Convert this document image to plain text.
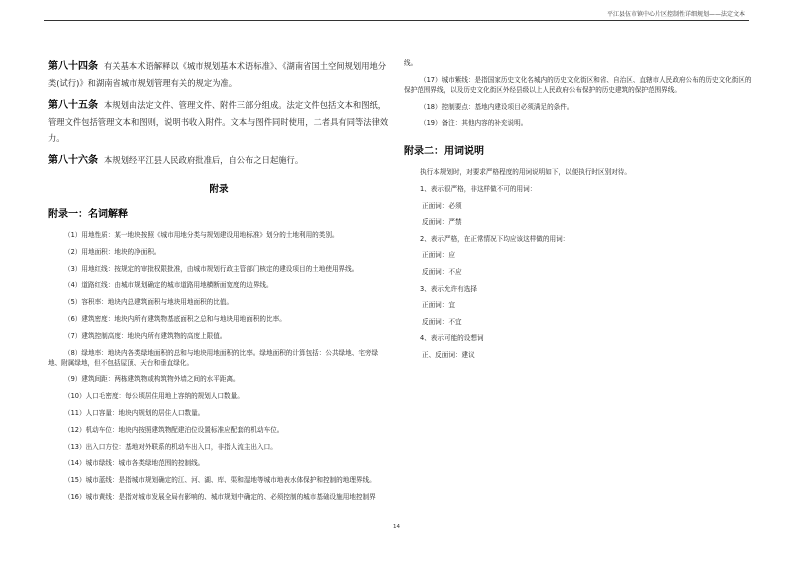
平江县伍市镇中心片区控制性详细规划——法定文本

第八十四条 有关基本术语解释以《城市规划基本术语标准》、《湖南省国土空间规划用地分类(试行)》和湖南省城市规划管理有关的规定为准。

第八十五条 本规划由法定文件、管理文件、附件三部分组成。法定文件包括文本和图纸，管理文件包括管理文本和图则，说明书收入附件。文本与图件同时使用，二者具有同等法律效力。

第八十六条 本规划经平江县人民政府批准后，自公布之日起施行。

附录
附录一：名词解释

（1）用地性质：某一地块按照《城市用地分类与规划建设用地标准》划分的土地利用的类别。

（2）用地面积：地块的净面积。

（3）用地红线：按规定的审批权限批准，由城市规划行政主管部门核定的建设项目的土地使用界线。

（4）道路红线：由城市规划确定的城市道路用地横断面宽度的边界线。

（5）容积率：地块内总建筑面积与地块用地面积的比值。

（6）建筑密度：地块内所有建筑物基底面积之总和与地块用地面积的比率。

（7）建筑控制高度：地块内所有建筑物的高度上限值。

（8）绿地率：地块内各类绿地面积的总和与地块用地面积的比率。绿地面积的计算包括：公共绿地、宅旁绿地、附属绿地，但不包括屋顶、天台和垂直绿化。

（9）建筑间距：两栋建筑物或构筑物外墙之间的水平距离。

（10）人口毛密度：每公顷居住用地上容纳的规划人口数量。

（11）人口容量：地块内规划的居住人口数量。

（12）机动车位：地块内按照建筑物配建泊位设置标准应配套的机动车位。

（13）出入口方位：基地对外联系的机动车出入口，非指人流主出入口。

（14）城市绿线：城市各类绿地范围的控制线。

（15）城市蓝线：是指城市规划确定的江、河、湖、库、渠和湿地等城市地表水体保护和控制的地理界线。

（16）城市黄线：是指对城市发展全局有影响的、城市规划中确定的、必须控制的城市基础设施用地控制界

线。

（17）城市紫线：是指国家历史文化名城内的历史文化街区和省、自治区、直辖市人民政府公布的历史文化街区的保护范围界线，以及历史文化街区外经县级以上人民政府公布保护的历史建筑的保护范围界线。

（18）控制要点：基地内建设项目必须满足的条件。

（19）备注：其他内容的补充说明。

附录二：用词说明

执行本规划时，对要求严格程度的用词说明如下，以便执行时区别对待。

1、表示很严格，非这样做不可的用词：

正面词：必须

反面词：严禁

2、表示严格，在正常情况下均应该这样做的用词：

正面词：应

反面词：不应

3、表示允许有选择

正面词：宜

反面词：不宜

4、表示可能的设想词

正、反面词：建议

14
